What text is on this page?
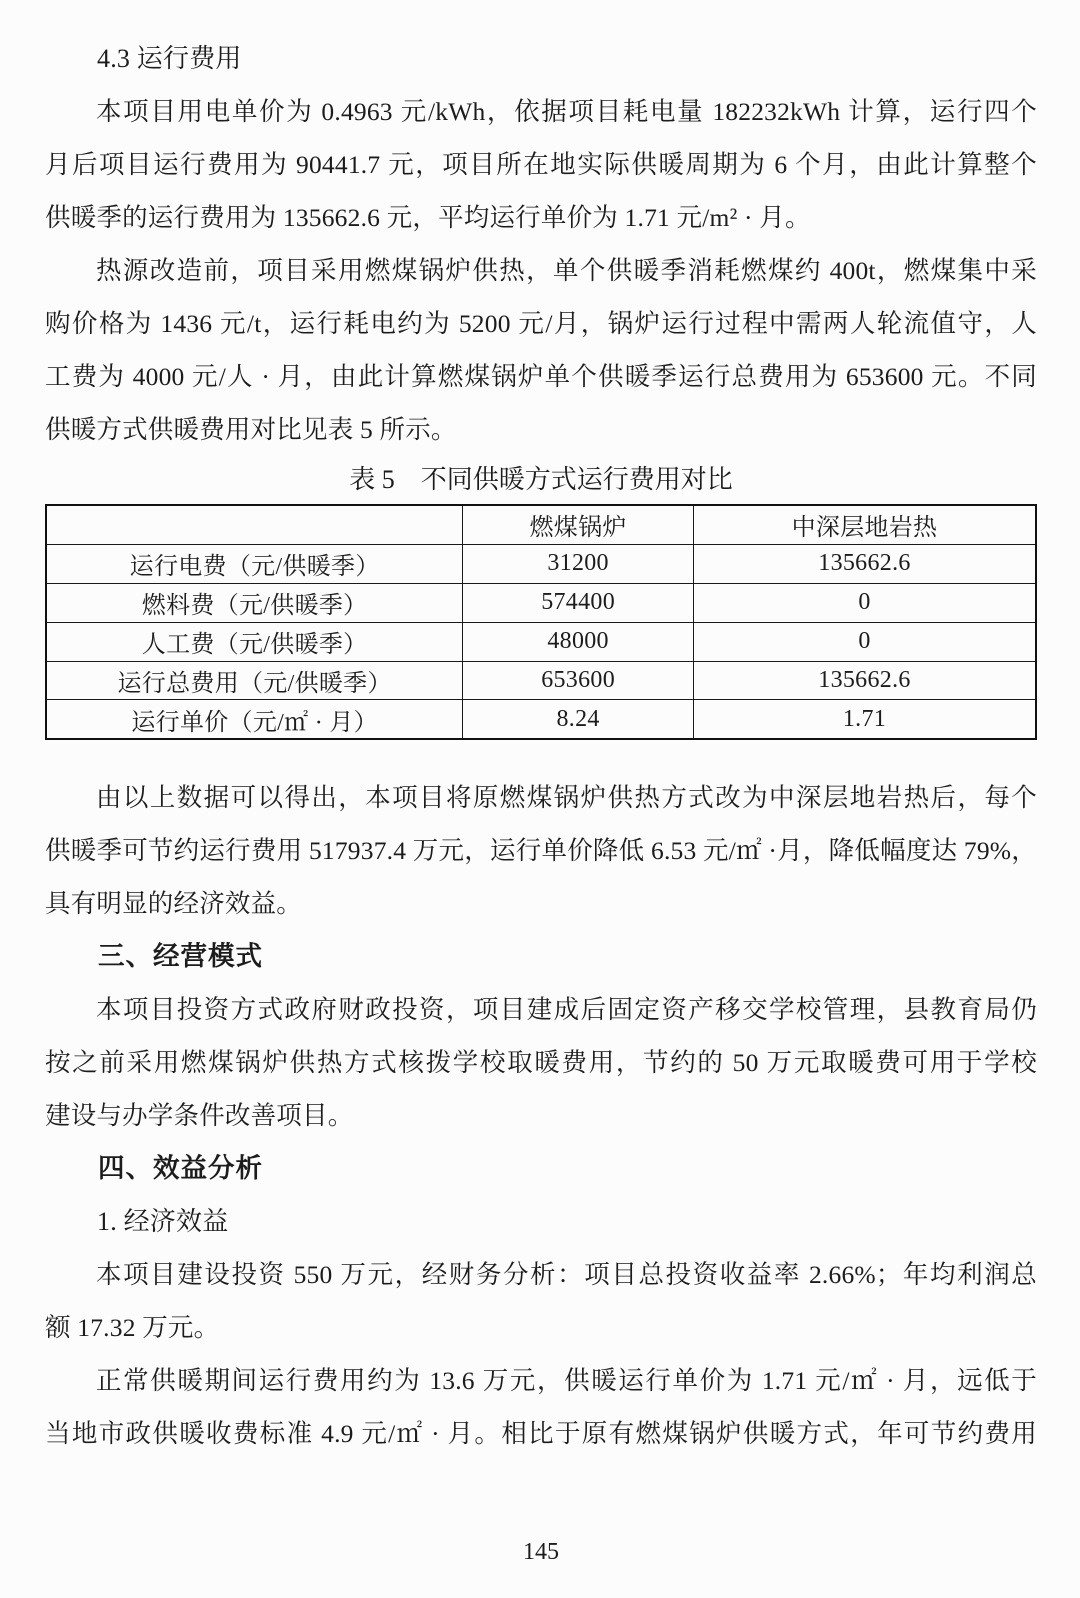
4.3 运行费用
本项目用电单价为 0.4963 元/kWh，依据项目耗电量 182232kWh 计算，运行四个
月后项目运行费用为 90441.7 元，项目所在地实际供暖周期为 6 个月，由此计算整个
供暖季的运行费用为 135662.6 元，平均运行单价为 1.71 元/m² · 月。
热源改造前，项目采用燃煤锅炉供热，单个供暖季消耗燃煤约 400t，燃煤集中采
购价格为 1436 元/t，运行耗电约为 5200 元/月，锅炉运行过程中需两人轮流值守，人
工费为 4000 元/人 · 月，由此计算燃煤锅炉单个供暖季运行总费用为 653600 元。不同
供暖方式供暖费用对比见表 5 所示。
表 5　不同供暖方式运行费用对比
	燃煤锅炉	中深层地岩热
运行电费（元/供暖季）	31200	135662.6
燃料费（元/供暖季）	574400	0
人工费（元/供暖季）	48000	0
运行总费用（元/供暖季）	653600	135662.6
运行单价（元/㎡ · 月）	8.24	1.71
由以上数据可以得出，本项目将原燃煤锅炉供热方式改为中深层地岩热后，每个
供暖季可节约运行费用 517937.4 万元，运行单价降低 6.53 元/㎡ ·月，降低幅度达 79%，
具有明显的经济效益。
三、经营模式
本项目投资方式政府财政投资，项目建成后固定资产移交学校管理，县教育局仍
按之前采用燃煤锅炉供热方式核拨学校取暖费用，节约的 50 万元取暖费可用于学校
建设与办学条件改善项目。
四、效益分析
1. 经济效益
本项目建设投资 550 万元，经财务分析：项目总投资收益率 2.66%；年均利润总
额 17.32 万元。
正常供暖期间运行费用约为 13.6 万元，供暖运行单价为 1.71 元/㎡ · 月，远低于
当地市政供暖收费标准 4.9 元/㎡ · 月。相比于原有燃煤锅炉供暖方式，年可节约费用
145
